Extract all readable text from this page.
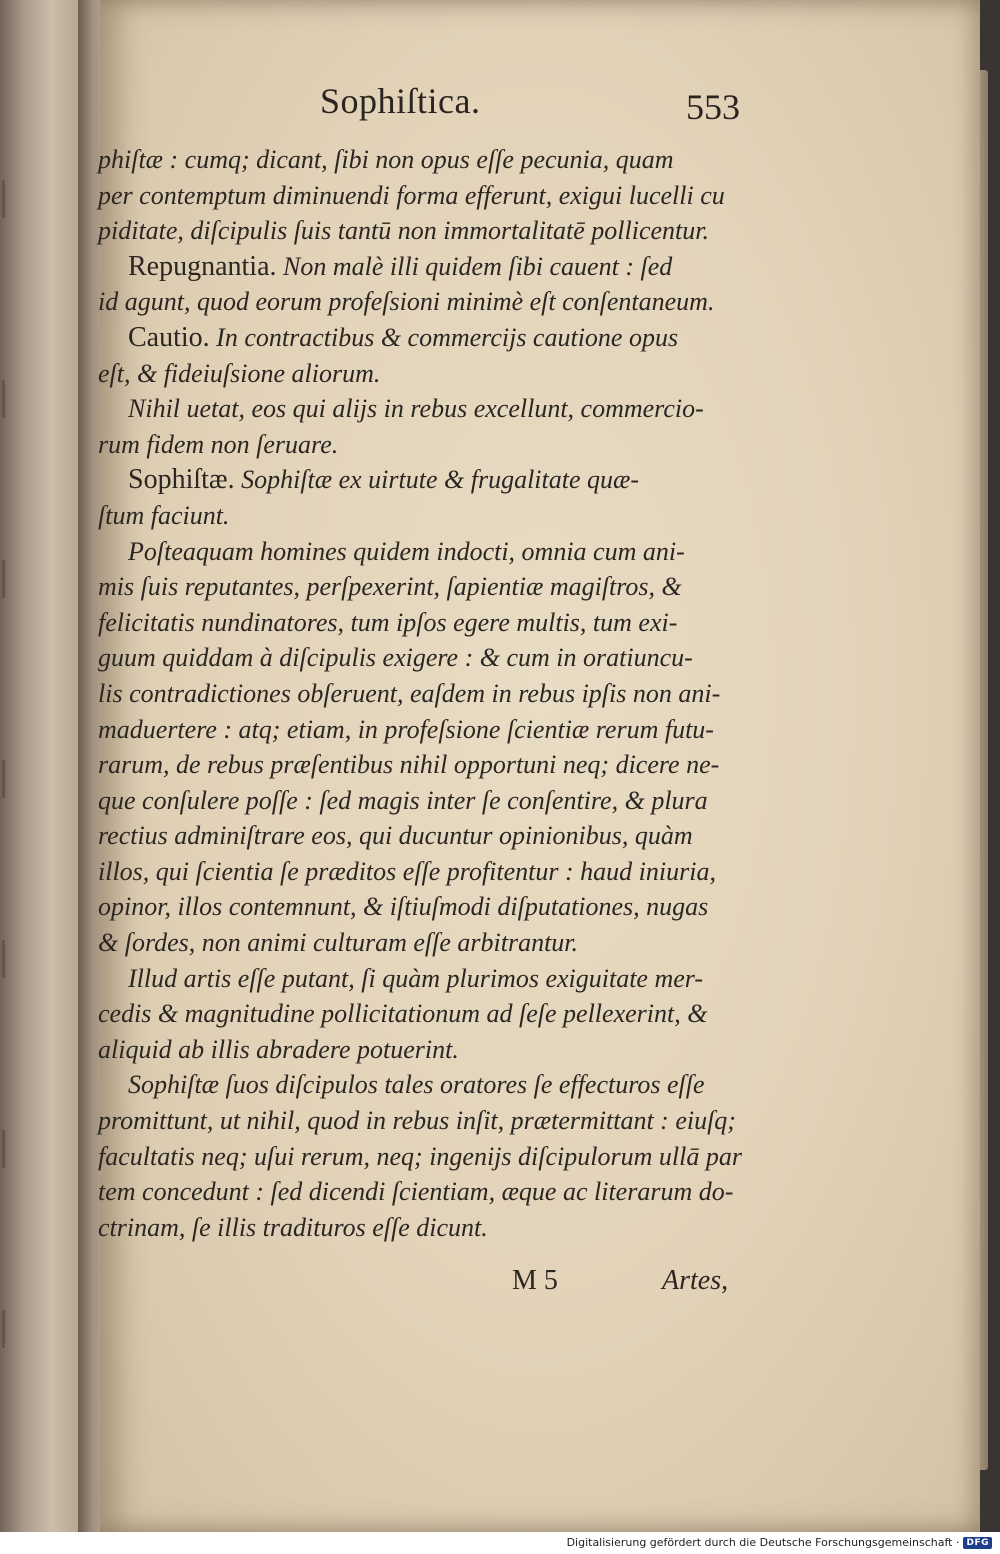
Sophiſtica.	553
phiſtæ : cumq; dicant, ſibi non opus eſſe pecunia, quam
per contemptum diminuendi forma efferunt, exigui lucelli cu
piditate, diſcipulis ſuis tantū non immortalitatē pollicentur.
Repugnantia. Non malè illi quidem ſibi cauent : ſed
id agunt, quod eorum profeſsioni minimè eſt conſentaneum.
Cautio. In contractibus & commercijs cautione opus
eſt, & fideiuſsione aliorum.
Nihil uetat, eos qui alijs in rebus excellunt, commercio-
rum fidem non ſeruare.
Sophiſtæ. Sophiſtæ ex uirtute & frugalitate quæ-
ſtum faciunt.
Poſteaquam homines quidem indocti, omnia cum ani-
mis ſuis reputantes, perſpexerint, ſapientiæ magiſtros, &
felicitatis nundinatores, tum ipſos egere multis, tum exi-
guum quiddam à diſcipulis exigere : & cum in oratiuncu-
lis contradictiones obſeruent, eaſdem in rebus ipſis non ani-
maduertere : atq; etiam, in profeſsione ſcientiæ rerum futu-
rarum, de rebus præſentibus nihil opportuni neq; dicere ne-
que conſulere poſſe : ſed magis inter ſe conſentire, & plura
rectius adminiſtrare eos, qui ducuntur opinionibus, quàm
illos, qui ſcientia ſe præditos eſſe profitentur : haud iniuria,
opinor, illos contemnunt, & iſtiuſmodi diſputationes, nugas
& ſordes, non animi culturam eſſe arbitrantur.
Illud artis eſſe putant, ſi quàm plurimos exiguitate mer-
cedis & magnitudine pollicitationum ad ſeſe pellexerint, &
aliquid ab illis abradere potuerint.
Sophiſtæ ſuos diſcipulos tales oratores ſe effecturos eſſe
promittunt, ut nihil, quod in rebus inſit, prætermittant : eiuſq;
facultatis neq; uſui rerum, neq; ingenijs diſcipulorum ullā par
tem concedunt : ſed dicendi ſcientiam, æque ac literarum do-
ctrinam, ſe illis tradituros eſſe dicunt.
M 5	Artes,
Digitalisierung gefördert durch die Deutsche Forschungsgemeinschaft · DFG
